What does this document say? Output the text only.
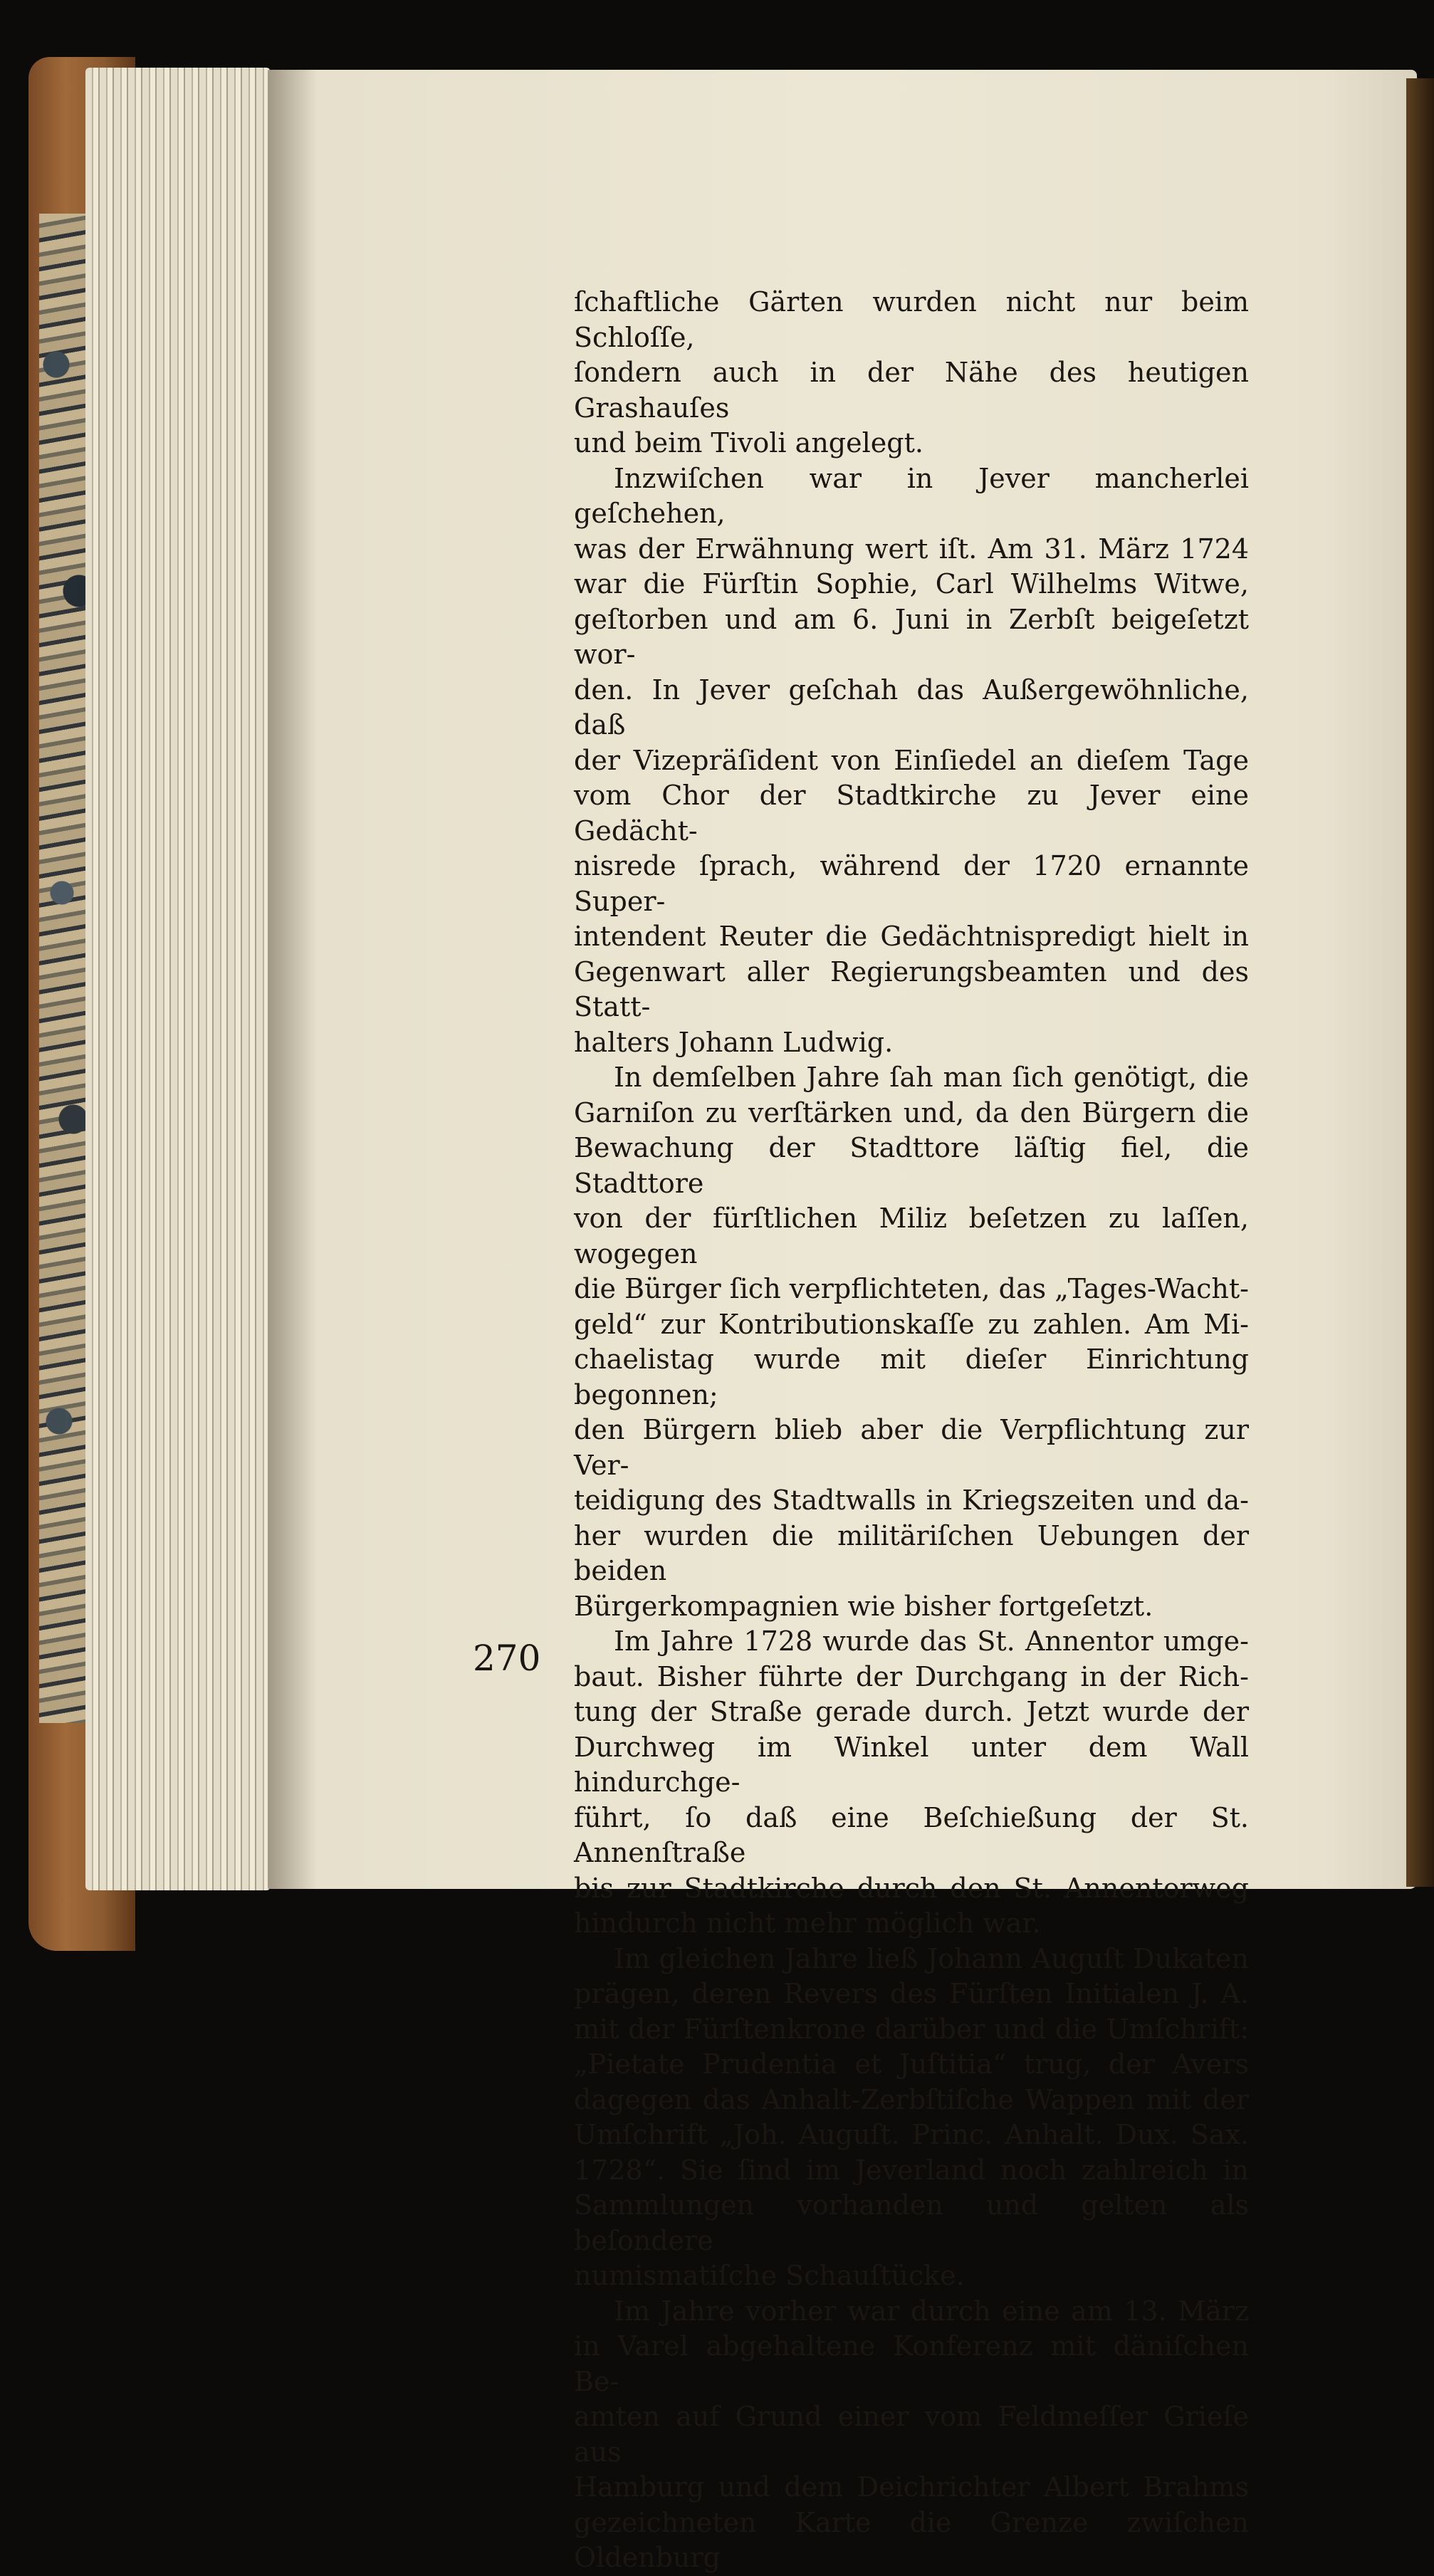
ſchaftliche Gärten wurden nicht nur beim Schloſſe,

ſondern auch in der Nähe des heutigen Grashauſes

und beim Tivoli angelegt.

Inzwiſchen war in Jever mancherlei geſchehen,

was der Erwähnung wert iſt. Am 31. März 1724

war die Fürſtin Sophie, Carl Wilhelms Witwe,

geſtorben und am 6. Juni in Zerbſt beigeſetzt wor-

den. In Jever geſchah das Außergewöhnliche, daß

der Vizepräſident von Einſiedel an dieſem Tage

vom Chor der Stadtkirche zu Jever eine Gedächt-

nisrede ſprach, während der 1720 ernannte Super-

intendent Reuter die Gedächtnispredigt hielt in

Gegenwart aller Regierungsbeamten und des Statt-

halters Johann Ludwig.

In demſelben Jahre ſah man ſich genötigt, die

Garniſon zu verſtärken und, da den Bürgern die

Bewachung der Stadttore läſtig fiel, die Stadttore

von der fürſtlichen Miliz beſetzen zu laſſen, wogegen

die Bürger ſich verpflichteten, das „Tages-Wacht-

geld“ zur Kontributionskaſſe zu zahlen. Am Mi-

chaelistag wurde mit dieſer Einrichtung begonnen;

den Bürgern blieb aber die Verpflichtung zur Ver-

teidigung des Stadtwalls in Kriegszeiten und da-

her wurden die militäriſchen Uebungen der beiden

Bürgerkompagnien wie bisher fortgeſetzt.

Im Jahre 1728 wurde das St. Annentor umge-

baut. Bisher führte der Durchgang in der Rich-

tung der Straße gerade durch. Jetzt wurde der

Durchweg im Winkel unter dem Wall hindurchge-

führt, ſo daß eine Beſchießung der St. Annenſtraße

bis zur Stadtkirche durch den St. Annentorweg

hindurch nicht mehr möglich war.

Im gleichen Jahre ließ Johann Auguſt Dukaten

prägen, deren Revers des Fürſten Initialen J. A.

mit der Fürſtenkrone darüber und die Umſchrift:

„Pietate Prudentia et Juſtitia“ trug, der Avers

dagegen das Anhalt-Zerbſtiſche Wappen mit der

Umſchrift „Joh. Auguſt. Princ. Anhalt. Dux. Sax.

1728“. Sie ſind im Jeverland noch zahlreich in

Sammlungen vorhanden und gelten als beſondere

numismatiſche Schauſtücke.

Im Jahre vorher war durch eine am 13. März

in Varel abgehaltene Konferenz mit däniſchen Be-

amten auf Grund einer vom Feldmeſſer Grieſe aus

Hamburg und dem Deichrichter Albert Brahms

gezeichneten Karte die Grenze zwiſchen Oldenburg

270
